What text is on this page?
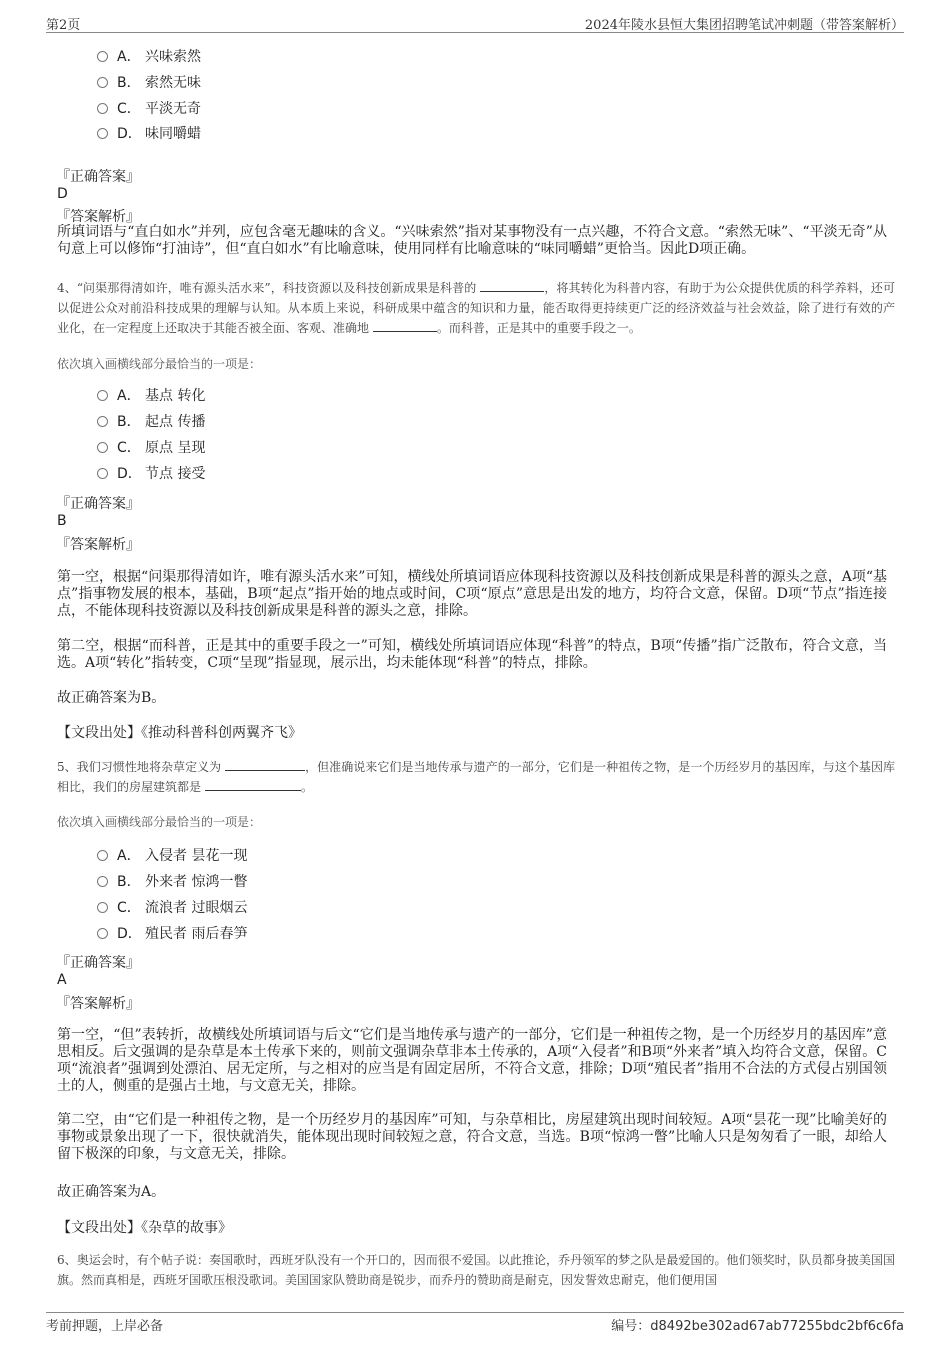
第2页	2024年陵水县恒大集团招聘笔试冲刺题（带答案解析）
A． 兴味索然
B． 索然无味
C． 平淡无奇
D． 味同嚼蜡
『正确答案』
D
『答案解析』
所填词语与“直白如水”并列，应包含毫无趣味的含义。“兴味索然”指对某事物没有一点兴趣，不符合文意。“索然无味”、“平淡无奇”从句意上可以修饰“打油诗”，但“直白如水”有比喻意味，使用同样有比喻意味的“味同嚼蜡”更恰当。因此D项正确。
4、“问渠那得清如许，唯有源头活水来”，科技资源以及科技创新成果是科普的	，将其转化为科普内容，有助于为公众提供优质的科学养料，还可以促进公众对前沿科技成果的理解与认知。从本质上来说，科研成果中蕴含的知识和力量，能否取得更持续更广泛的经济效益与社会效益，除了进行有效的产业化，在一定程度上还取决于其能否被全面、客观、准确地	。而科普，正是其中的重要手段之一。
依次填入画横线部分最恰当的一项是：
A． 基点 转化
B． 起点 传播
C． 原点 呈现
D． 节点 接受
『正确答案』
B
『答案解析』
第一空，根据“问渠那得清如许，唯有源头活水来”可知，横线处所填词语应体现科技资源以及科技创新成果是科普的源头之意，A项“基点”指事物发展的根本，基础，B项“起点”指开始的地点或时间，C项“原点”意思是出发的地方，均符合文意，保留。D项“节点”指连接点，不能体现科技资源以及科技创新成果是科普的源头之意，排除。
第二空，根据“而科普，正是其中的重要手段之一”可知，横线处所填词语应体现“科普”的特点，B项“传播”指广泛散布，符合文意，当选。A项“转化”指转变，C项“呈现”指显现，展示出，均未能体现“科普”的特点，排除。
故正确答案为B。
【文段出处】《推动科普科创两翼齐飞》
5、我们习惯性地将杂草定义为	，但准确说来它们是当地传承与遗产的一部分，它们是一种祖传之物，是一个历经岁月的基因库，与这个基因库相比，我们的房屋建筑都是	。
依次填入画横线部分最恰当的一项是：
A． 入侵者 昙花一现
B． 外来者 惊鸿一瞥
C． 流浪者 过眼烟云
D． 殖民者 雨后春笋
『正确答案』
A
『答案解析』
第一空，“但”表转折，故横线处所填词语与后文“它们是当地传承与遗产的一部分，它们是一种祖传之物，是一个历经岁月的基因库”意思相反。后文强调的是杂草是本土传承下来的，则前文强调杂草非本土传承的，A项“入侵者”和B项“外来者”填入均符合文意，保留。C项“流浪者”强调到处漂泊、居无定所，与之相对的应当是有固定居所，不符合文意，排除；D项“殖民者”指用不合法的方式侵占别国领土的人，侧重的是强占土地，与文意无关，排除。
第二空，由“它们是一种祖传之物，是一个历经岁月的基因库”可知，与杂草相比，房屋建筑出现时间较短。A项“昙花一现”比喻美好的事物或景象出现了一下，很快就消失，能体现出现时间较短之意，符合文意，当选。B项“惊鸿一瞥”比喻人只是匆匆看了一眼，却给人留下极深的印象，与文意无关，排除。
故正确答案为A。
【文段出处】《杂草的故事》
6、奥运会时，有个帖子说：奏国歌时，西班牙队没有一个开口的，因而很不爱国。以此推论，乔丹领军的梦之队是最爱国的。他们领奖时，队员都身披美国国旗。然而真相是，西班牙国歌压根没歌词。美国国家队赞助商是锐步，而乔丹的赞助商是耐克，因发誓效忠耐克，他们便用国
考前押题，上岸必备	编号：d8492be302ad67ab77255bdc2bf6c6fa
